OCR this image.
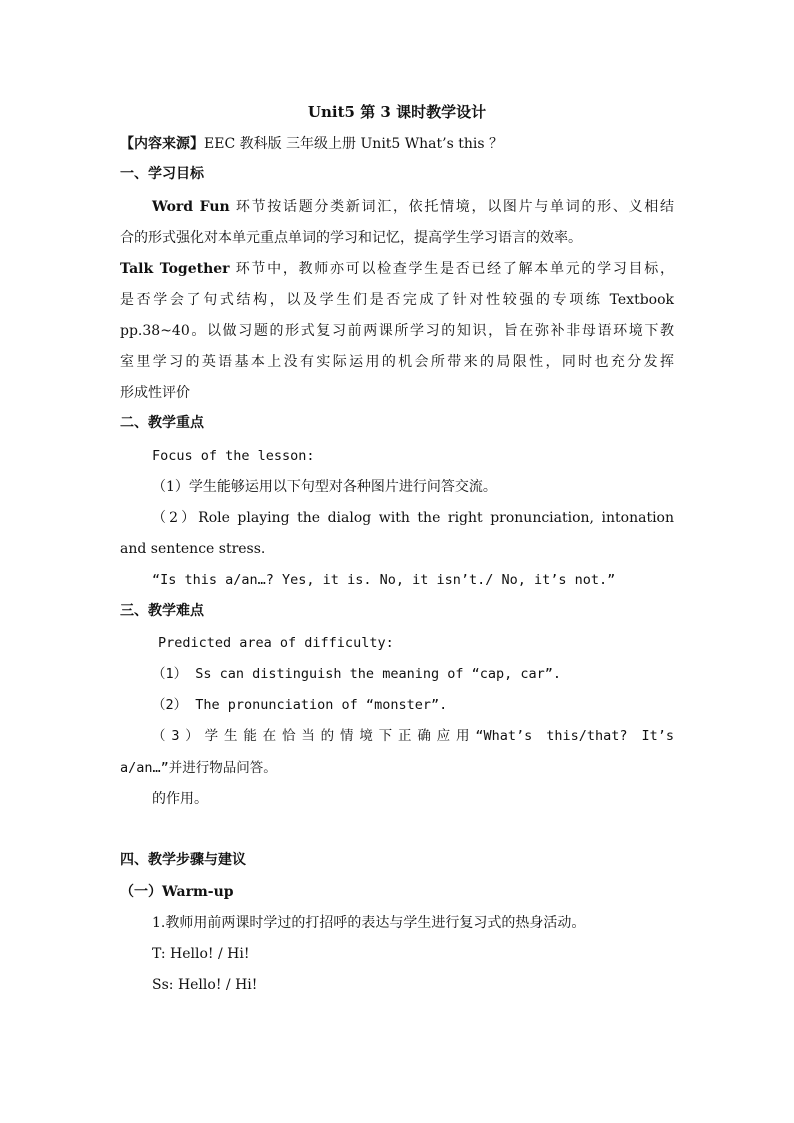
Unit5 第 3 课时教学设计
【内容来源】EEC 教科版 三年级上册 Unit5 What’s this ？
一、学习目标
Word Fun 环节按话题分类新词汇，依托情境，以图片与单词的形、义相结
合的形式强化对本单元重点单词的学习和记忆，提高学生学习语言的效率。
Talk Together 环节中，教师亦可以检查学生是否已经了解本单元的学习目标，
是否学会了句式结构，以及学生们是否完成了针对性较强的专项练 Textbook
pp.38~40。以做习题的形式复习前两课所学习的知识，旨在弥补非母语环境下教
室里学习的英语基本上没有实际运用的机会所带来的局限性，同时也充分发挥
形成性评价
二、教学重点
Focus of the lesson:
（1）学生能够运用以下句型对各种图片进行问答交流。
（2）Role playing the dialog with the right pronunciation, intonation
and sentence stress.
“Is this a/an…? Yes, it is. No, it isn’t./ No, it’s not.”
三、教学难点
Predicted area of difficulty:
（1） Ss can distinguish the meaning of “cap, car”.
（2） The pronunciation of “monster”.
（3）学生能在恰当的情境下正确应用“What’s this/that? It’s
a/an…”并进行物品问答。
的作用。
四、教学步骤与建议
（一）Warm-up
1.教师用前两课时学过的打招呼的表达与学生进行复习式的热身活动。
T: Hello! / Hi!
Ss: Hello! / Hi!
